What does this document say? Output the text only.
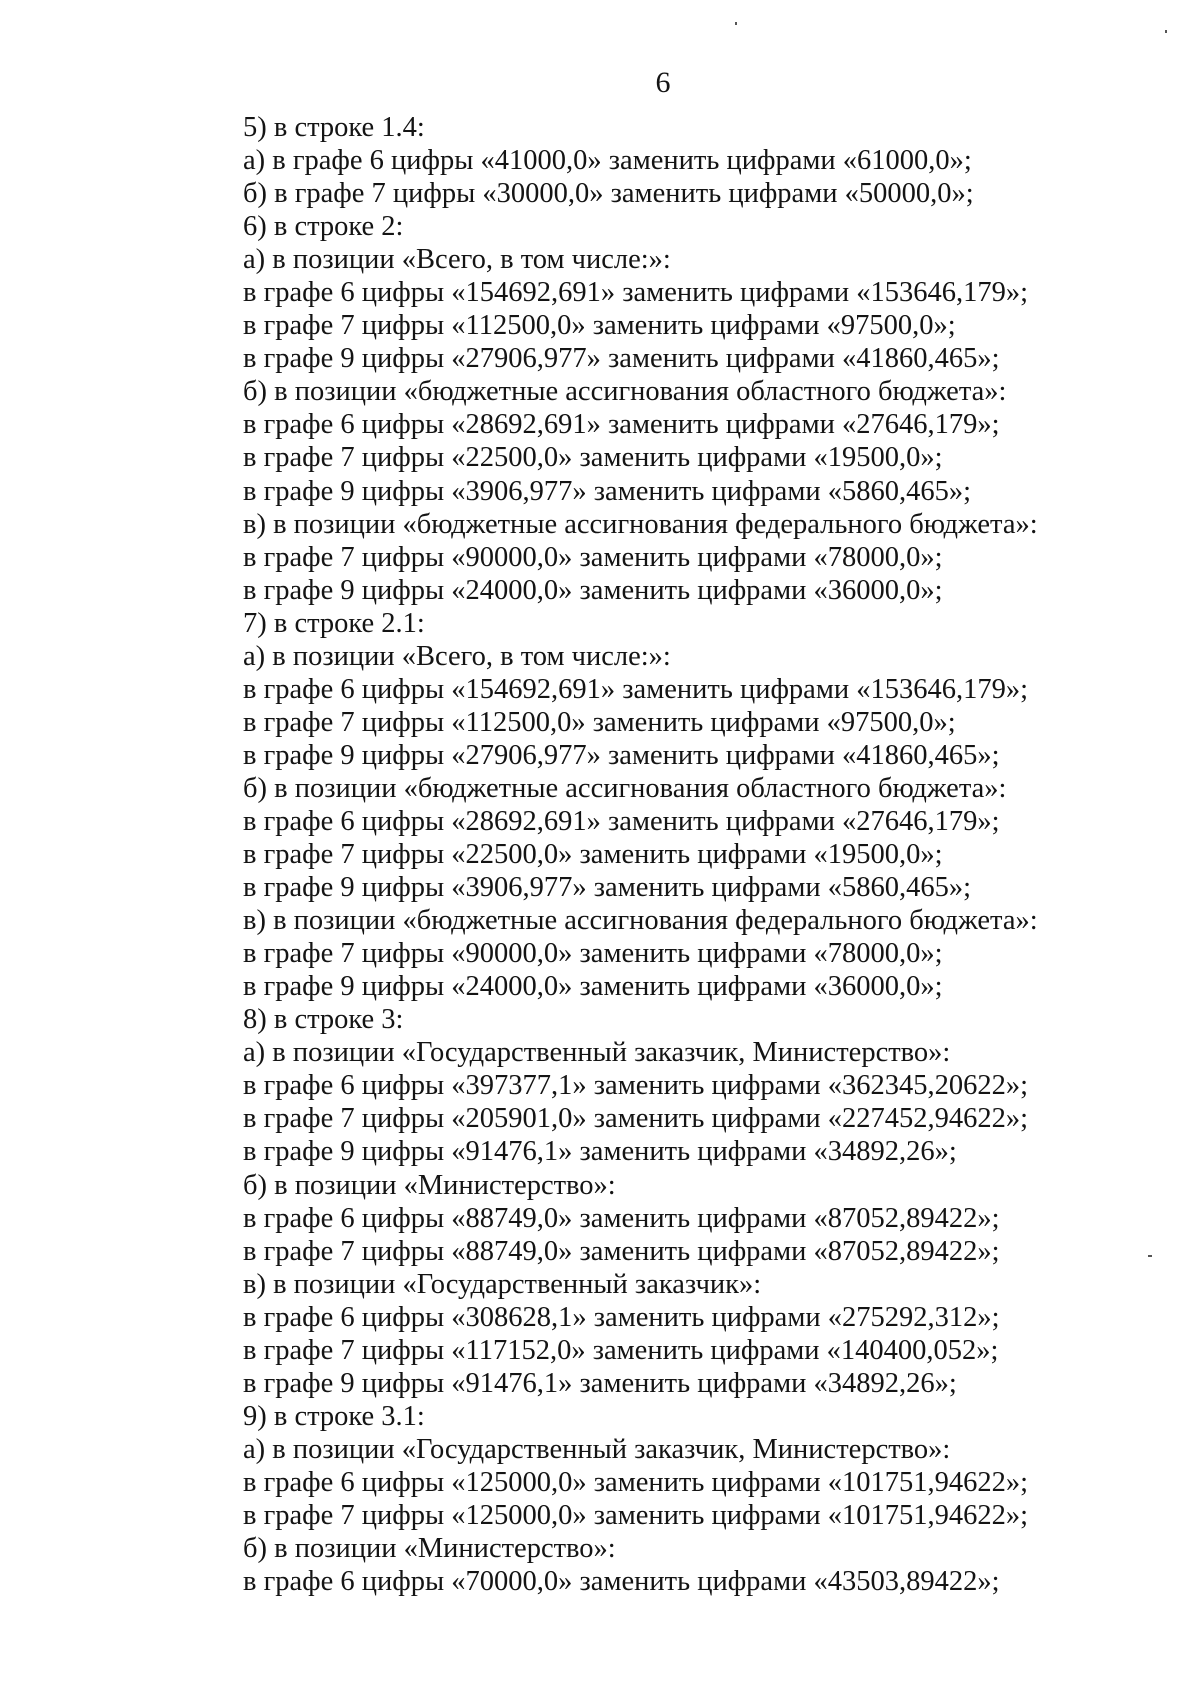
6
5) в строке 1.4:
а) в графе 6 цифры «41000,0» заменить цифрами «61000,0»;
б) в графе 7 цифры «30000,0» заменить цифрами «50000,0»;
6) в строке 2:
а) в позиции «Всего, в том числе:»:
в графе 6 цифры «154692,691» заменить цифрами «153646,179»;
в графе 7 цифры «112500,0» заменить цифрами «97500,0»;
в графе 9 цифры «27906,977» заменить цифрами «41860,465»;
б) в позиции «бюджетные ассигнования областного бюджета»:
в графе 6 цифры «28692,691» заменить цифрами «27646,179»;
в графе 7 цифры «22500,0» заменить цифрами «19500,0»;
в графе 9 цифры «3906,977» заменить цифрами «5860,465»;
в) в позиции «бюджетные ассигнования федерального бюджета»:
в графе 7 цифры «90000,0» заменить цифрами «78000,0»;
в графе 9 цифры «24000,0» заменить цифрами «36000,0»;
7) в строке 2.1:
а) в позиции «Всего, в том числе:»:
в графе 6 цифры «154692,691» заменить цифрами «153646,179»;
в графе 7 цифры «112500,0» заменить цифрами «97500,0»;
в графе 9 цифры «27906,977» заменить цифрами «41860,465»;
б) в позиции «бюджетные ассигнования областного бюджета»:
в графе 6 цифры «28692,691» заменить цифрами «27646,179»;
в графе 7 цифры «22500,0» заменить цифрами «19500,0»;
в графе 9 цифры «3906,977» заменить цифрами «5860,465»;
в) в позиции «бюджетные ассигнования федерального бюджета»:
в графе 7 цифры «90000,0» заменить цифрами «78000,0»;
в графе 9 цифры «24000,0» заменить цифрами «36000,0»;
8) в строке 3:
а) в позиции «Государственный заказчик, Министерство»:
в графе 6 цифры «397377,1» заменить цифрами «362345,20622»;
в графе 7 цифры «205901,0» заменить цифрами «227452,94622»;
в графе 9 цифры «91476,1» заменить цифрами «34892,26»;
б) в позиции «Министерство»:
в графе 6 цифры «88749,0» заменить цифрами «87052,89422»;
в графе 7 цифры «88749,0» заменить цифрами «87052,89422»;
в) в позиции «Государственный заказчик»:
в графе 6 цифры «308628,1» заменить цифрами «275292,312»;
в графе 7 цифры «117152,0» заменить цифрами «140400,052»;
в графе 9 цифры «91476,1» заменить цифрами «34892,26»;
9) в строке 3.1:
а) в позиции «Государственный заказчик, Министерство»:
в графе 6 цифры «125000,0» заменить цифрами «101751,94622»;
в графе 7 цифры «125000,0» заменить цифрами «101751,94622»;
б) в позиции «Министерство»:
в графе 6 цифры «70000,0» заменить цифрами «43503,89422»;
